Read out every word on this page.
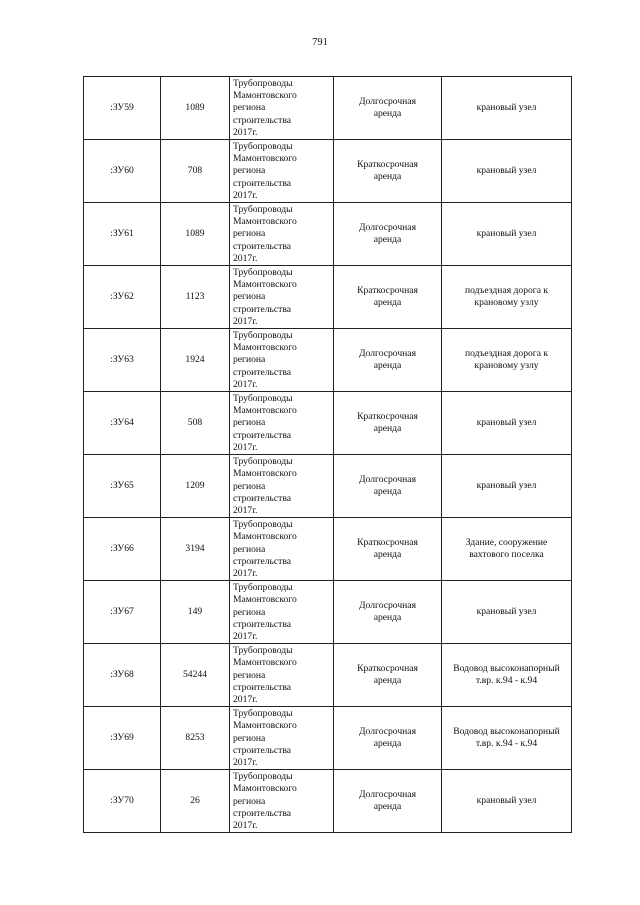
791
:ЗУ59	1089	Трубопроводы
Мамонтовского
региона
строительства
2017г.	Долгосрочная
аренда	крановый узел

:ЗУ60	708	Трубопроводы
Мамонтовского
региона
строительства
2017г.	Краткосрочная
аренда	крановый узел

:ЗУ61	1089	Трубопроводы
Мамонтовского
региона
строительства
2017г.	Долгосрочная
аренда	крановый узел

:ЗУ62	1123	Трубопроводы
Мамонтовского
региона
строительства
2017г.	Краткосрочная
аренда	подъездная дорога к
крановому узлу

:ЗУ63	1924	Трубопроводы
Мамонтовского
региона
строительства
2017г.	Долгосрочная
аренда	подъездная дорога к
крановому узлу

:ЗУ64	508	Трубопроводы
Мамонтовского
региона
строительства
2017г.	Краткосрочная
аренда	крановый узел

:ЗУ65	1209	Трубопроводы
Мамонтовского
региона
строительства
2017г.	Долгосрочная
аренда	крановый узел

:ЗУ66	3194	Трубопроводы
Мамонтовского
региона
строительства
2017г.	Краткосрочная
аренда	Здание, сооружение
вахтового поселка

:ЗУ67	149	Трубопроводы
Мамонтовского
региона
строительства
2017г.	Долгосрочная
аренда	крановый узел

:ЗУ68	54244	Трубопроводы
Мамонтовского
региона
строительства
2017г.	Краткосрочная
аренда	Водовод высоконапорный
т.вр. к.94 - к.94

:ЗУ69	8253	Трубопроводы
Мамонтовского
региона
строительства
2017г.	Долгосрочная
аренда	Водовод высоконапорный
т.вр. к.94 - к.94

:ЗУ70	26	Трубопроводы
Мамонтовского
региона
строительства
2017г.	Долгосрочная
аренда	крановый узел
